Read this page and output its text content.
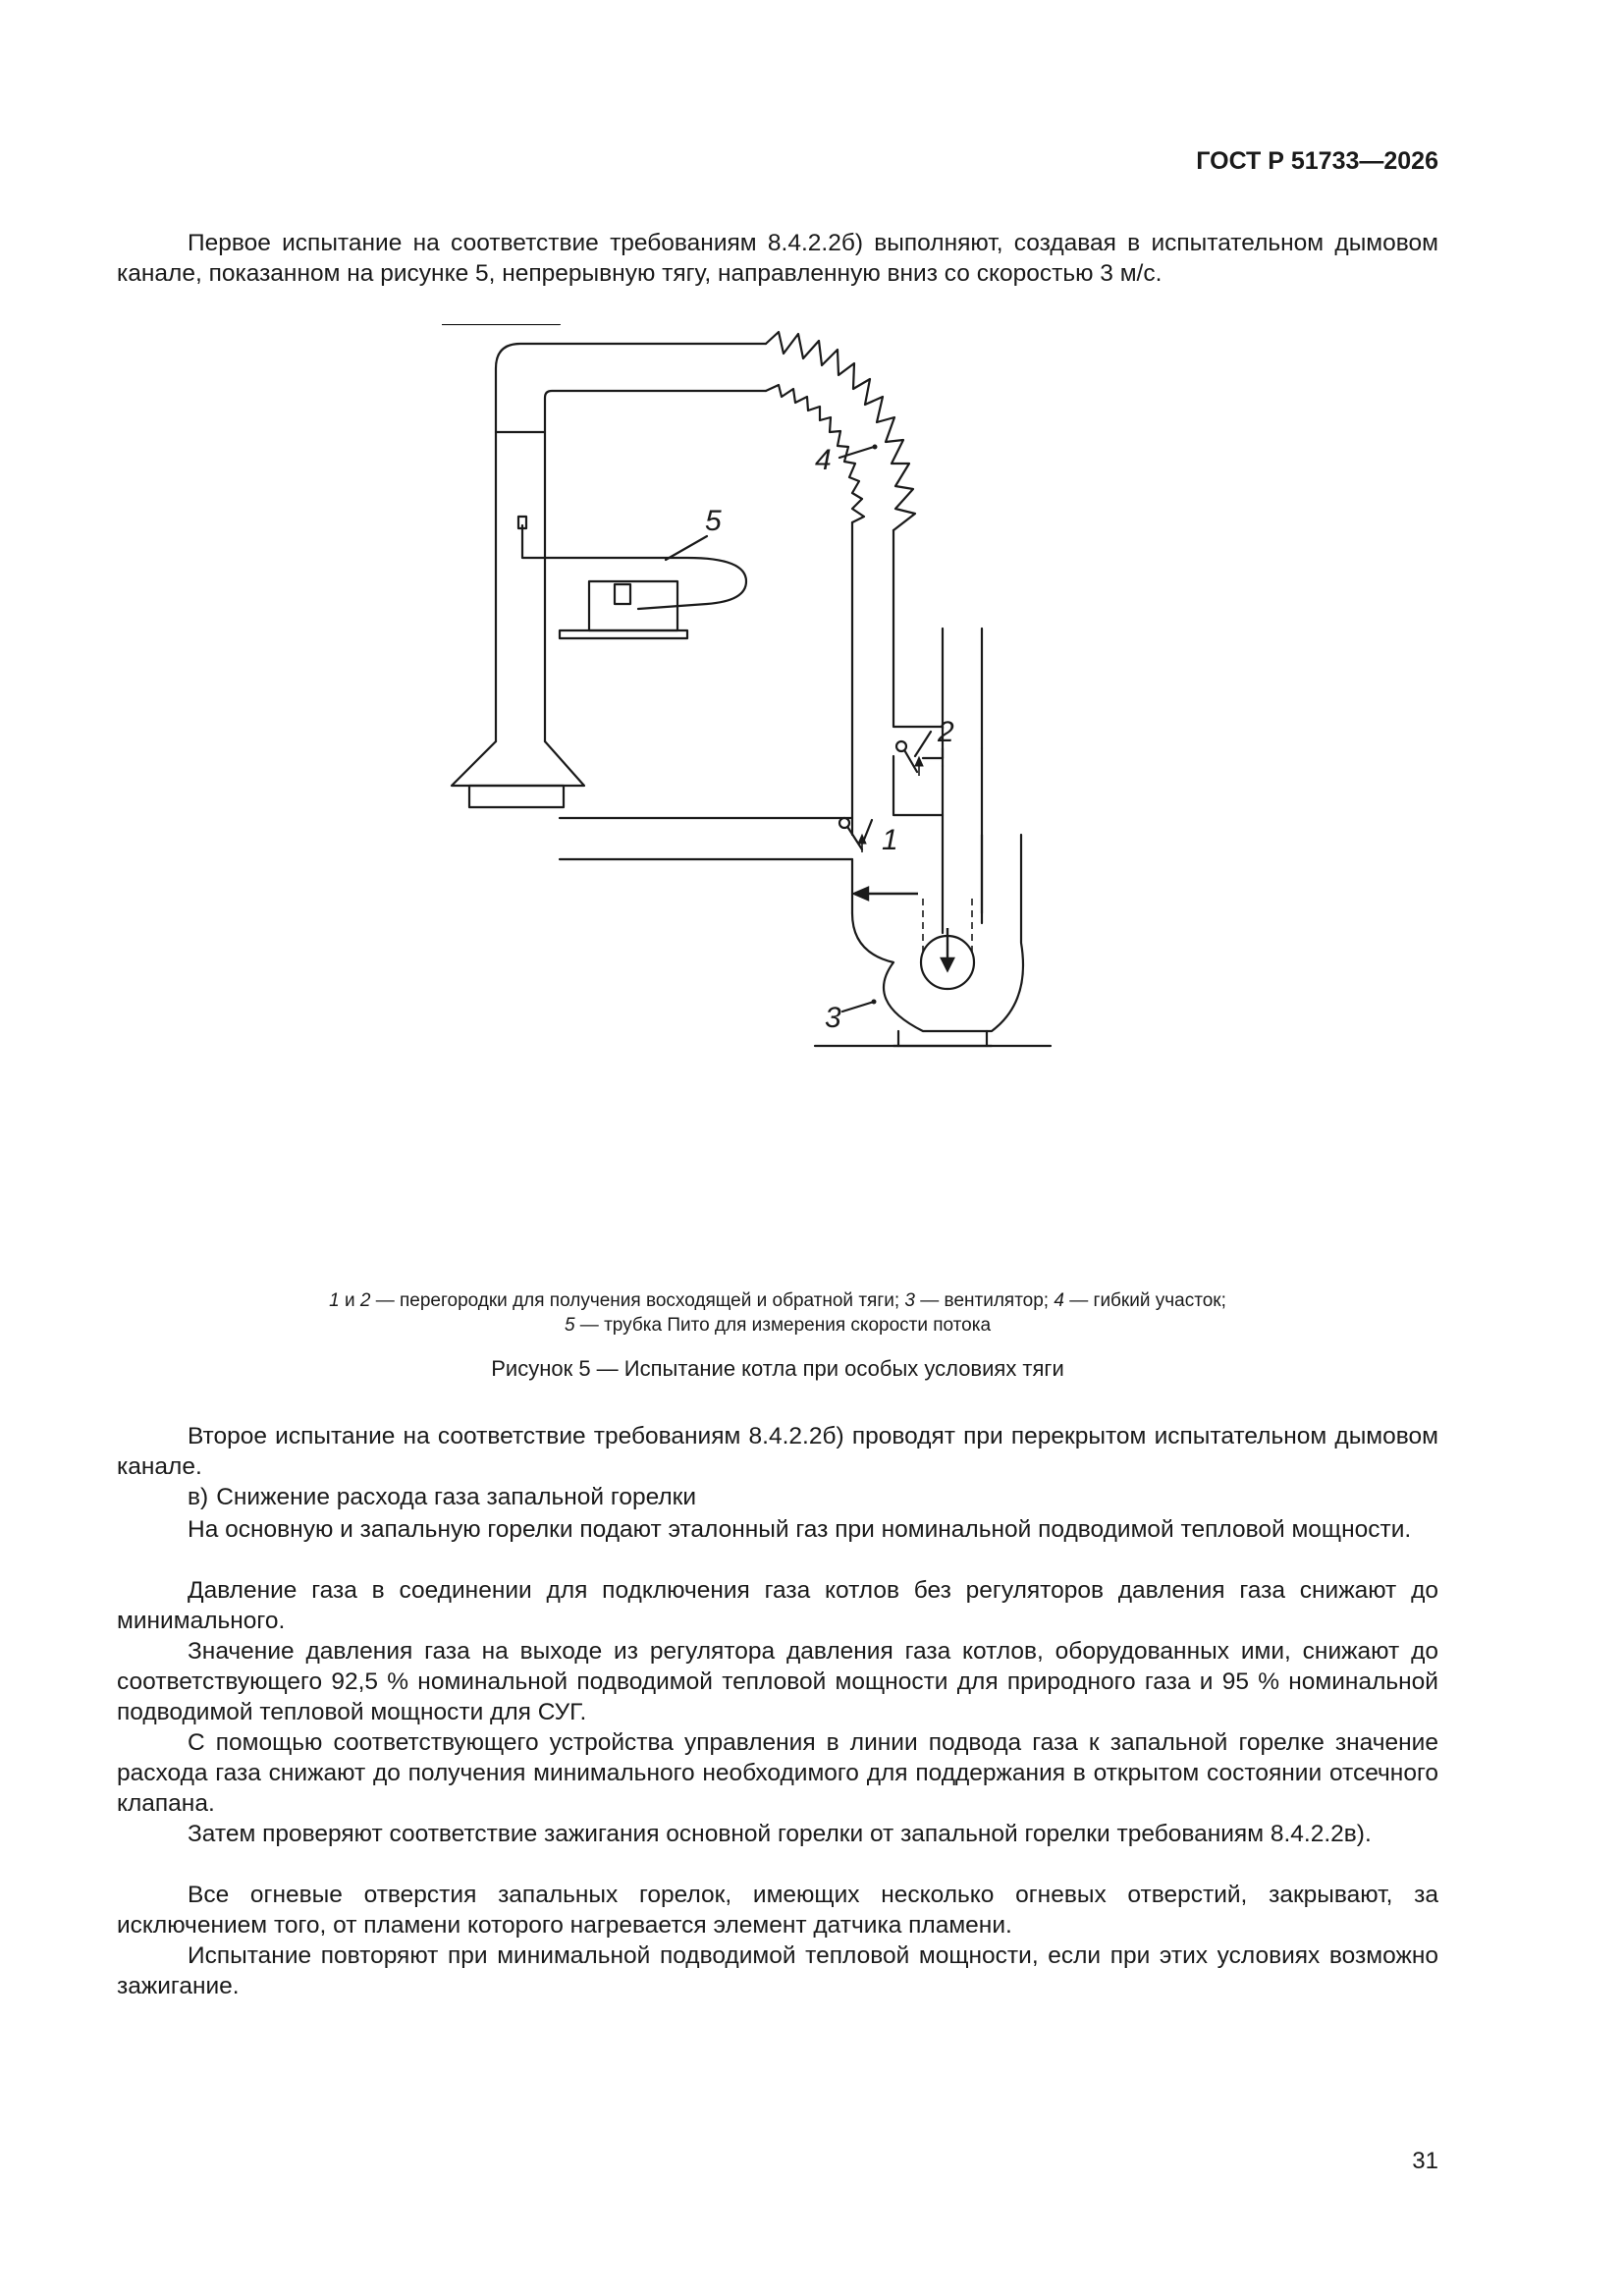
ГОСТ Р 51733—2026

Первое испытание на соответствие требованиям 8.4.2.2б) выполняют, создавая в испытательном дымовом канале, показанном на рисунке 5, непрерывную тягу, направленную вниз со скоростью 3 м/с.

1
2
3
4
5
1 и 2 — перегородки для получения восходящей и обратной тяги; 3 — вентилятор; 4 — гибкий участок;
5 — трубка Пито для измерения скорости потока
Рисунок 5 — Испытание котла при особых условиях тяги

Второе испытание на соответствие требованиям 8.4.2.2б) проводят при перекрытом испытательном дымовом канале.

в) Снижение расхода газа запальной горелки

На основную и запальную горелки подают эталонный газ при номинальной подводимой тепловой мощности.

Давление газа в соединении для подключения газа котлов без регуляторов давления газа снижают до минимального.

Значение давления газа на выходе из регулятора давления газа котлов, оборудованных ими, снижают до соответствующего 92,5 % номинальной подводимой тепловой мощности для природного газа и 95 % номинальной подводимой тепловой мощности для СУГ.

С помощью соответствующего устройства управления в линии подвода газа к запальной горелке значение расхода газа снижают до получения минимального необходимого для поддержания в открытом состоянии отсечного клапана.

Затем проверяют соответствие зажигания основной горелки от запальной горелки требованиям 8.4.2.2в).

Все огневые отверстия запальных горелок, имеющих несколько огневых отверстий, закрывают, за исключением того, от пламени которого нагревается элемент датчика пламени.

Испытание повторяют при минимальной подводимой тепловой мощности, если при этих условиях возможно зажигание.

31
